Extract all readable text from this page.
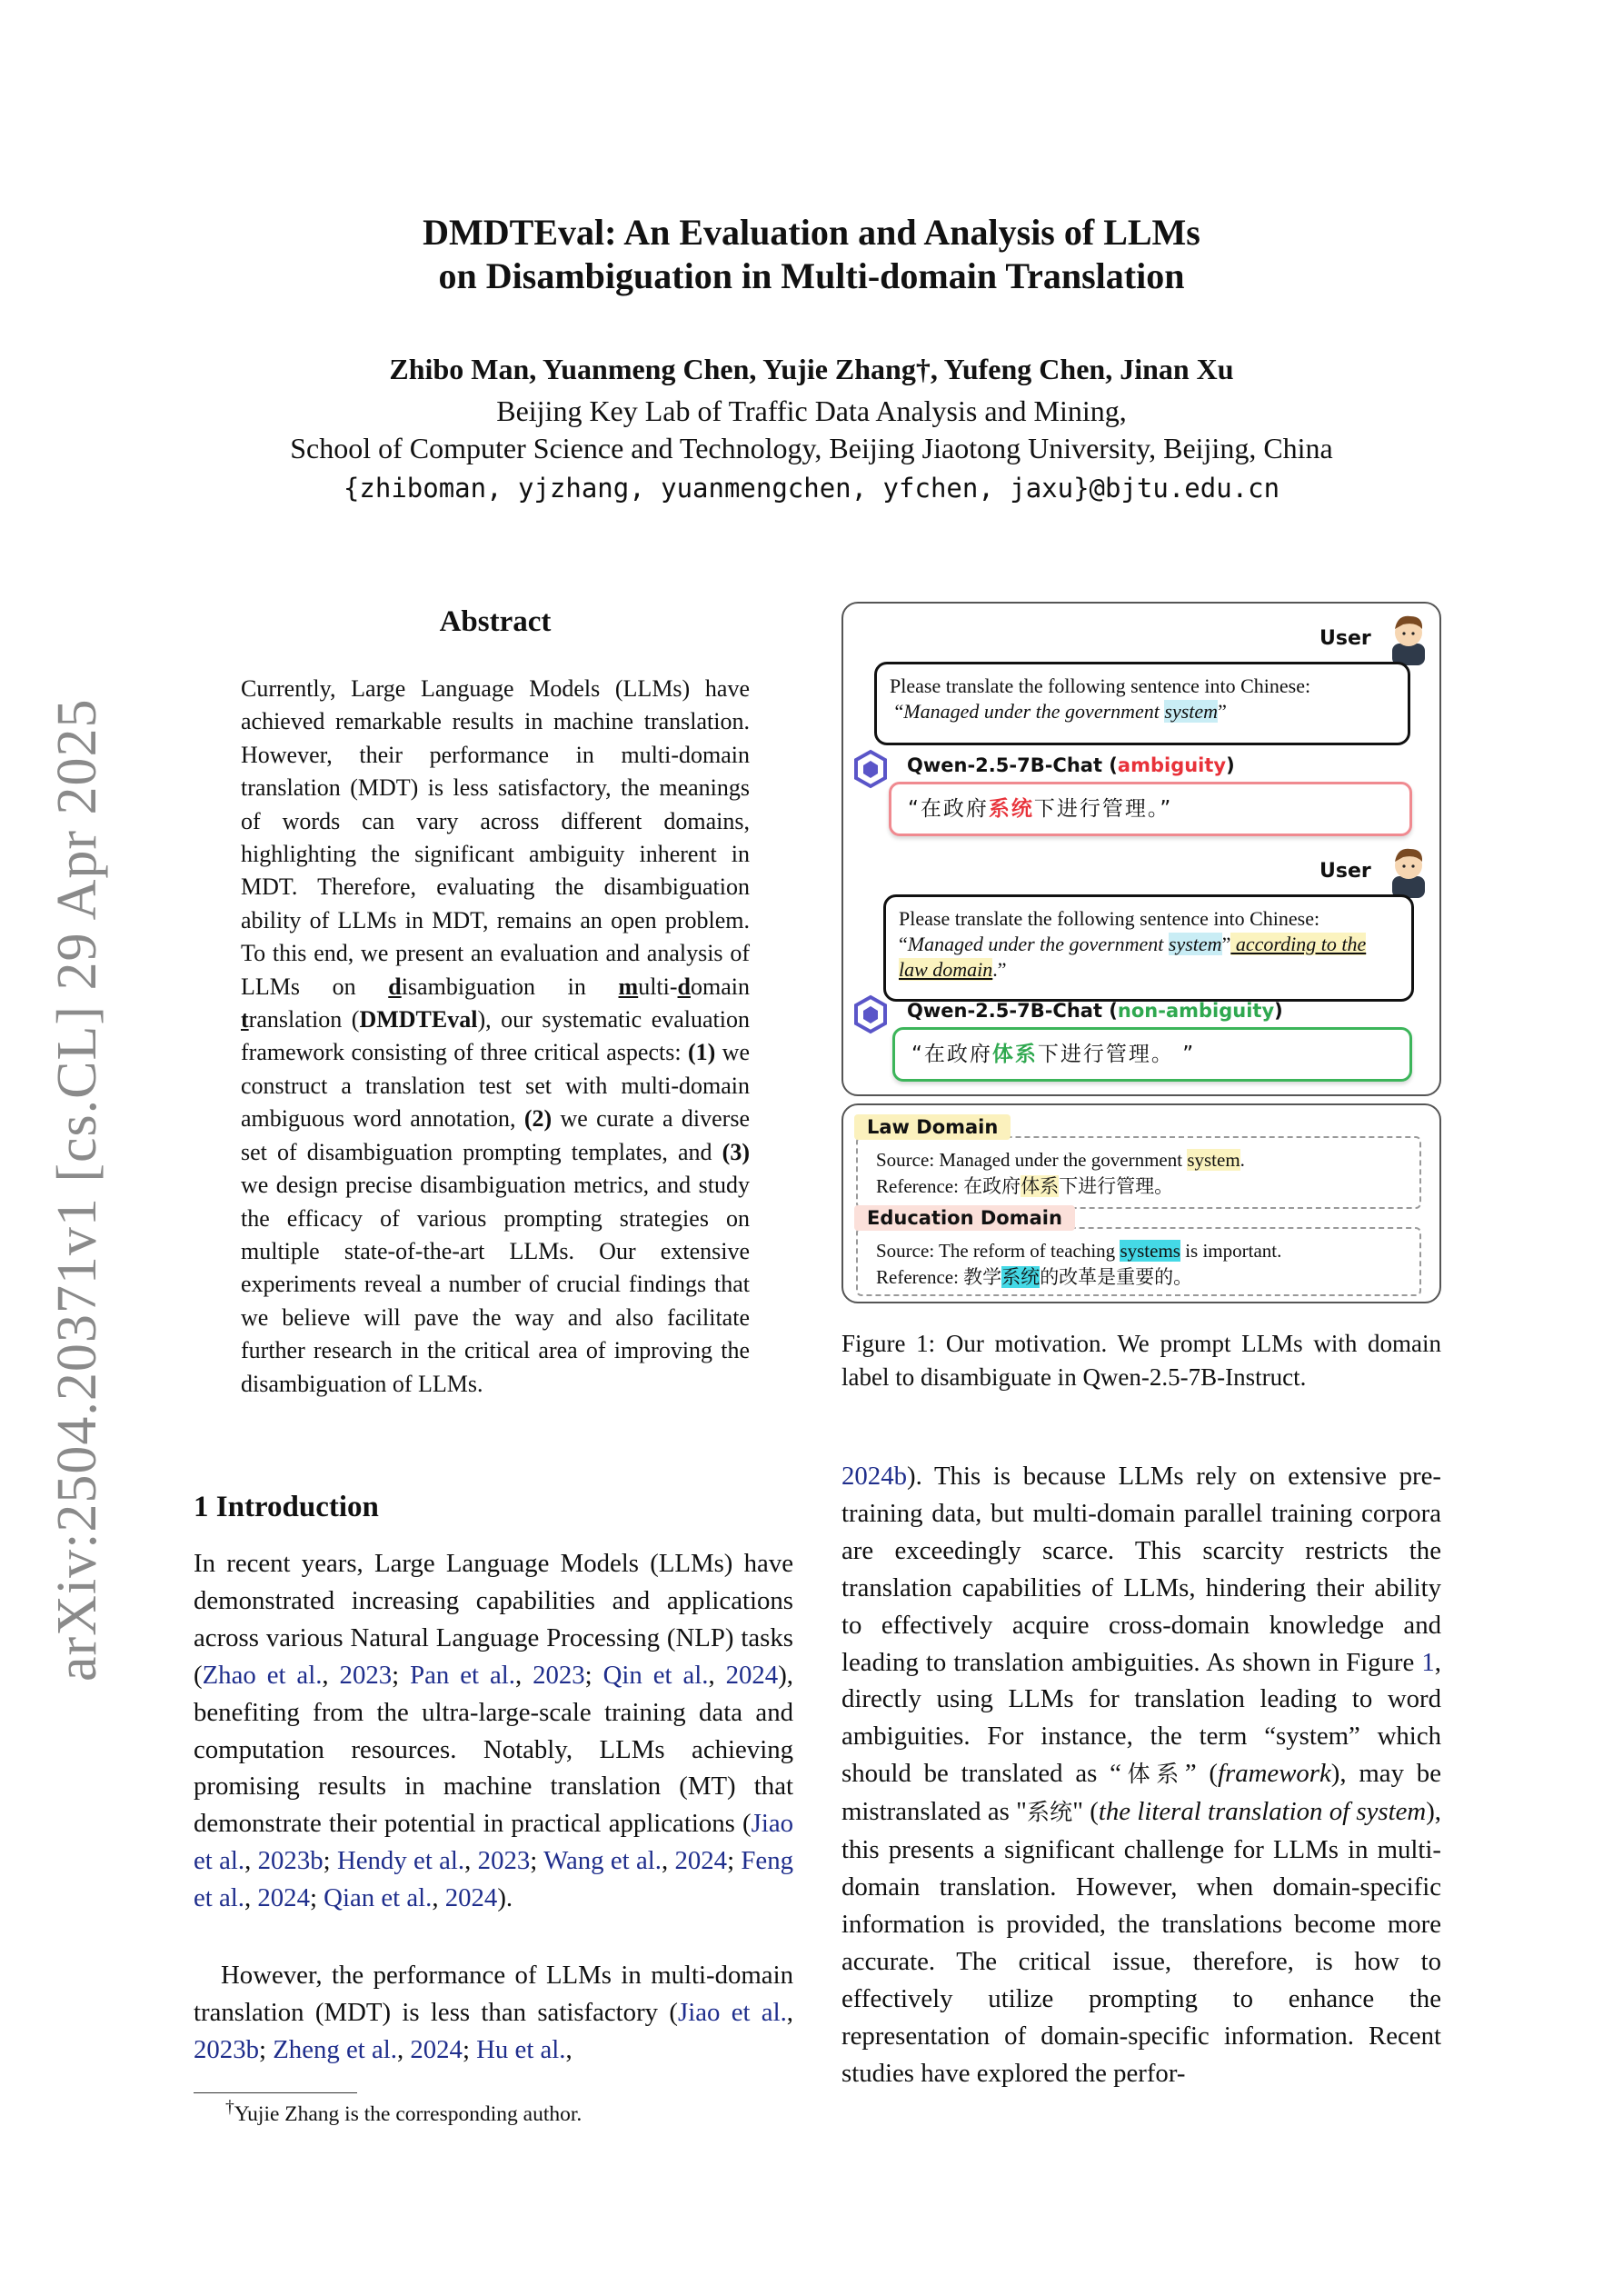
arXiv:2504.20371v1 [cs.CL] 29 Apr 2025
DMDTEval: An Evaluation and Analysis of LLMs
on Disambiguation in Multi-domain Translation
Zhibo Man, Yuanmeng Chen, Yujie Zhang†, Yufeng Chen, Jinan Xu
Beijing Key Lab of Traffic Data Analysis and Mining,
School of Computer Science and Technology, Beijing Jiaotong University, Beijing, China
{zhiboman, yjzhang, yuanmengchen, yfchen, jaxu}@bjtu.edu.cn
Abstract
Currently, Large Language Models (LLMs) have achieved remarkable results in machine translation. However, their performance in multi-domain translation (MDT) is less satisfactory, the meanings of words can vary across different domains, highlighting the significant ambiguity inherent in MDT. Therefore, evaluating the disambiguation ability of LLMs in MDT, remains an open problem. To this end, we present an evaluation and analysis of LLMs on disambiguation in multi-domain translation (DMDTEval), our systematic evaluation framework consisting of three critical aspects: (1) we construct a translation test set with multi-domain ambiguous word annotation, (2) we curate a diverse set of disambiguation prompting templates, and (3) we design precise disambiguation metrics, and study the efficacy of various prompting strategies on multiple state-of-the-art LLMs. Our extensive experiments reveal a number of crucial findings that we believe will pave the way and also facilitate further research in the critical area of improving the disambiguation of LLMs.
1 Introduction
In recent years, Large Language Models (LLMs) have demonstrated increasing capabilities and applications across various Natural Language Processing (NLP) tasks (Zhao et al., 2023; Pan et al., 2023; Qin et al., 2024), benefiting from the ultra-large-scale training data and computation resources. Notably, LLMs achieving promising results in machine translation (MT) that demonstrate their potential in practical applications (Jiao et al., 2023b; Hendy et al., 2023; Wang et al., 2024; Feng et al., 2024; Qian et al., 2024).
However, the performance of LLMs in multi-domain translation (MDT) is less than satisfactory (Jiao et al., 2023b; Zheng et al., 2024; Hu et al.,
†Yujie Zhang is the corresponding author.
User
Please translate the following sentence into Chinese:
“Managed under the government system”
Qwen-2.5-7B-Chat (ambiguity)
“在政府系统下进行管理。”
User
Please translate the following sentence into Chinese:
“Managed under the government system” according to the law domain.”
Qwen-2.5-7B-Chat (non-ambiguity)
“在政府体系下进行管理。 ”
Source: Managed under the government system.
Reference: 在政府体系下进行管理。
Law Domain
Source: The reform of teaching systems is important.
Reference: 教学系统的改革是重要的。
Education Domain
Figure 1: Our motivation. We prompt LLMs with domain label to disambiguate in Qwen-2.5-7B-Instruct.
2024b). This is because LLMs rely on extensive pre-training data, but multi-domain parallel training corpora are exceedingly scarce. This scarcity restricts the translation capabilities of LLMs, hindering their ability to effectively acquire cross-domain knowledge and leading to translation ambiguities. As shown in Figure 1, directly using LLMs for translation leading to word ambiguities. For instance, the term “system” which should be translated as “体系” (framework), may be mistranslated as "系统" (the literal translation of system), this presents a significant challenge for LLMs in multi-domain translation. However, when domain-specific information is provided, the translations become more accurate. The critical issue, therefore, is how to effectively utilize prompting to enhance the representation of domain-specific information. Recent studies have explored the perfor-
